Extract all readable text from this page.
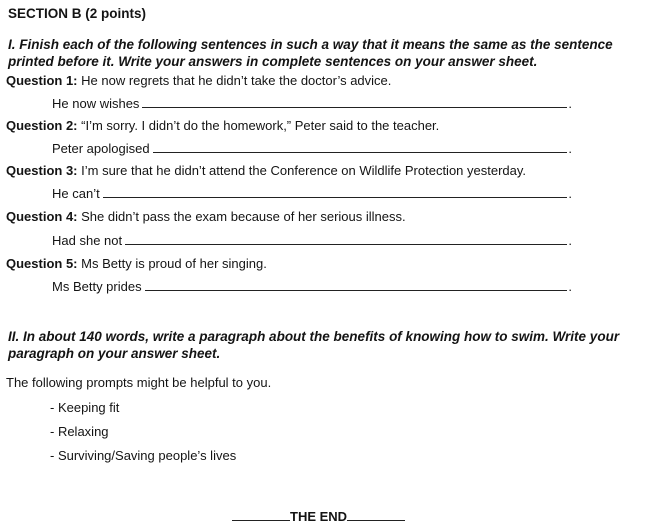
SECTION B (2 points)
I. Finish each of the following sentences in such a way that it means the same as the sentence printed before it. Write your answers in complete sentences on your answer sheet.
Question 1: He now regrets that he didn’t take the doctor’s advice.
He now wishes	.
Question 2: “I’m sorry. I didn’t do the homework,” Peter said to the teacher.
Peter apologised	.
Question 3: I’m sure that he didn’t attend the Conference on Wildlife Protection yesterday.
He can’t	.
Question 4: She didn’t pass the exam because of her serious illness.
Had she not	.
Question 5: Ms Betty is proud of her singing.
Ms Betty prides	.
II. In about 140 words, write a paragraph about the benefits of knowing how to swim. Write your paragraph on your answer sheet.
The following prompts might be helpful to you.
- Keeping fit
- Relaxing
- Surviving/Saving people’s lives
THE END
